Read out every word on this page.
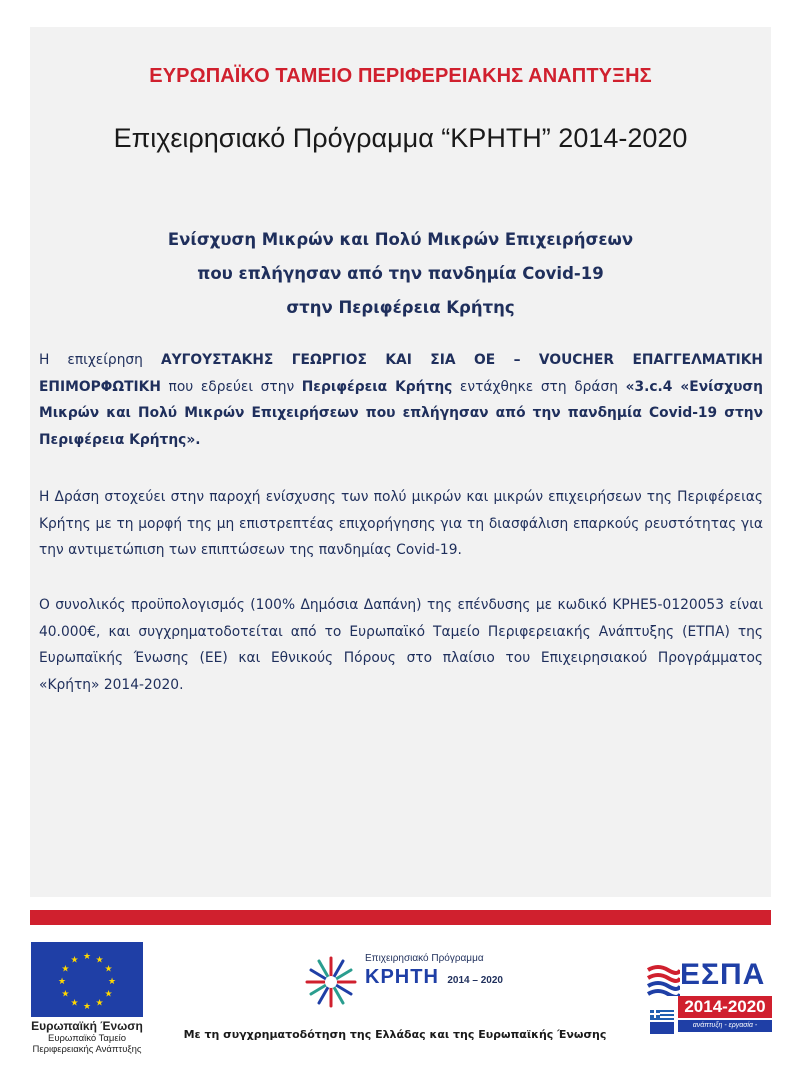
ΕΥΡΩΠΑΪΚΟ ΤΑΜΕΙΟ ΠΕΡΙΦΕΡΕΙΑΚΗΣ ΑΝΑΠΤΥΞΗΣ
Επιχειρησιακό Πρόγραμμα “ΚΡΗΤΗ” 2014-2020
Ενίσχυση Μικρών και Πολύ Μικρών Επιχειρήσεων
που επλήγησαν από την πανδημία Covid-19
στην Περιφέρεια Κρήτης
Η επιχείρηση ΑΥΓΟΥΣΤΑΚΗΣ ΓΕΩΡΓΙΟΣ ΚΑΙ ΣΙΑ ΟΕ – VOUCHER ΕΠΑΓΓΕΛΜΑΤΙΚΗ ΕΠΙΜΟΡΦΩΤΙΚΗ που εδρεύει στην Περιφέρεια Κρήτης εντάχθηκε στη δράση «3.c.4 «Ενίσχυση Μικρών και Πολύ Μικρών Επιχειρήσεων που επλήγησαν από την πανδημία Covid-19 στην Περιφέρεια Κρήτης».
Η Δράση στοχεύει στην παροχή ενίσχυσης των πολύ μικρών και μικρών επιχειρήσεων της Περιφέρειας Κρήτης με τη μορφή της μη επιστρεπτέας επιχορήγησης για τη διασφάλιση επαρκούς ρευστότητας για την αντιμετώπιση των επιπτώσεων της πανδημίας Covid-19.
Ο συνολικός προϋπολογισμός (100% Δημόσια Δαπάνη) της επένδυσης με κωδικό ΚΡΗΕ5-0120053 είναι 40.000€, και συγχρηματοδοτείται από το Ευρωπαϊκό Ταμείο Περιφερειακής Ανάπτυξης (ΕΤΠΑ) της Ευρωπαϊκής Ένωσης (ΕΕ) και Εθνικούς Πόρους στο πλαίσιο του Επιχειρησιακού Προγράμματος «Κρήτη» 2014-2020.
★ ★
★
★
★
★
★
★
★
★
★
★
Ευρωπαϊκή Ένωση
Ευρωπαϊκό Ταμείο
Περιφερειακής Ανάπτυξης
Επιχειρησιακό Πρόγραμμα
ΚΡΗΤΗ 2014 – 2020
Με τη συγχρηματοδότηση της Ελλάδας και της Ευρωπαϊκής Ένωσης
ΕΣΠΑ
2014-2020
ανάπτυξη - εργασία - αλληλεγγύη
